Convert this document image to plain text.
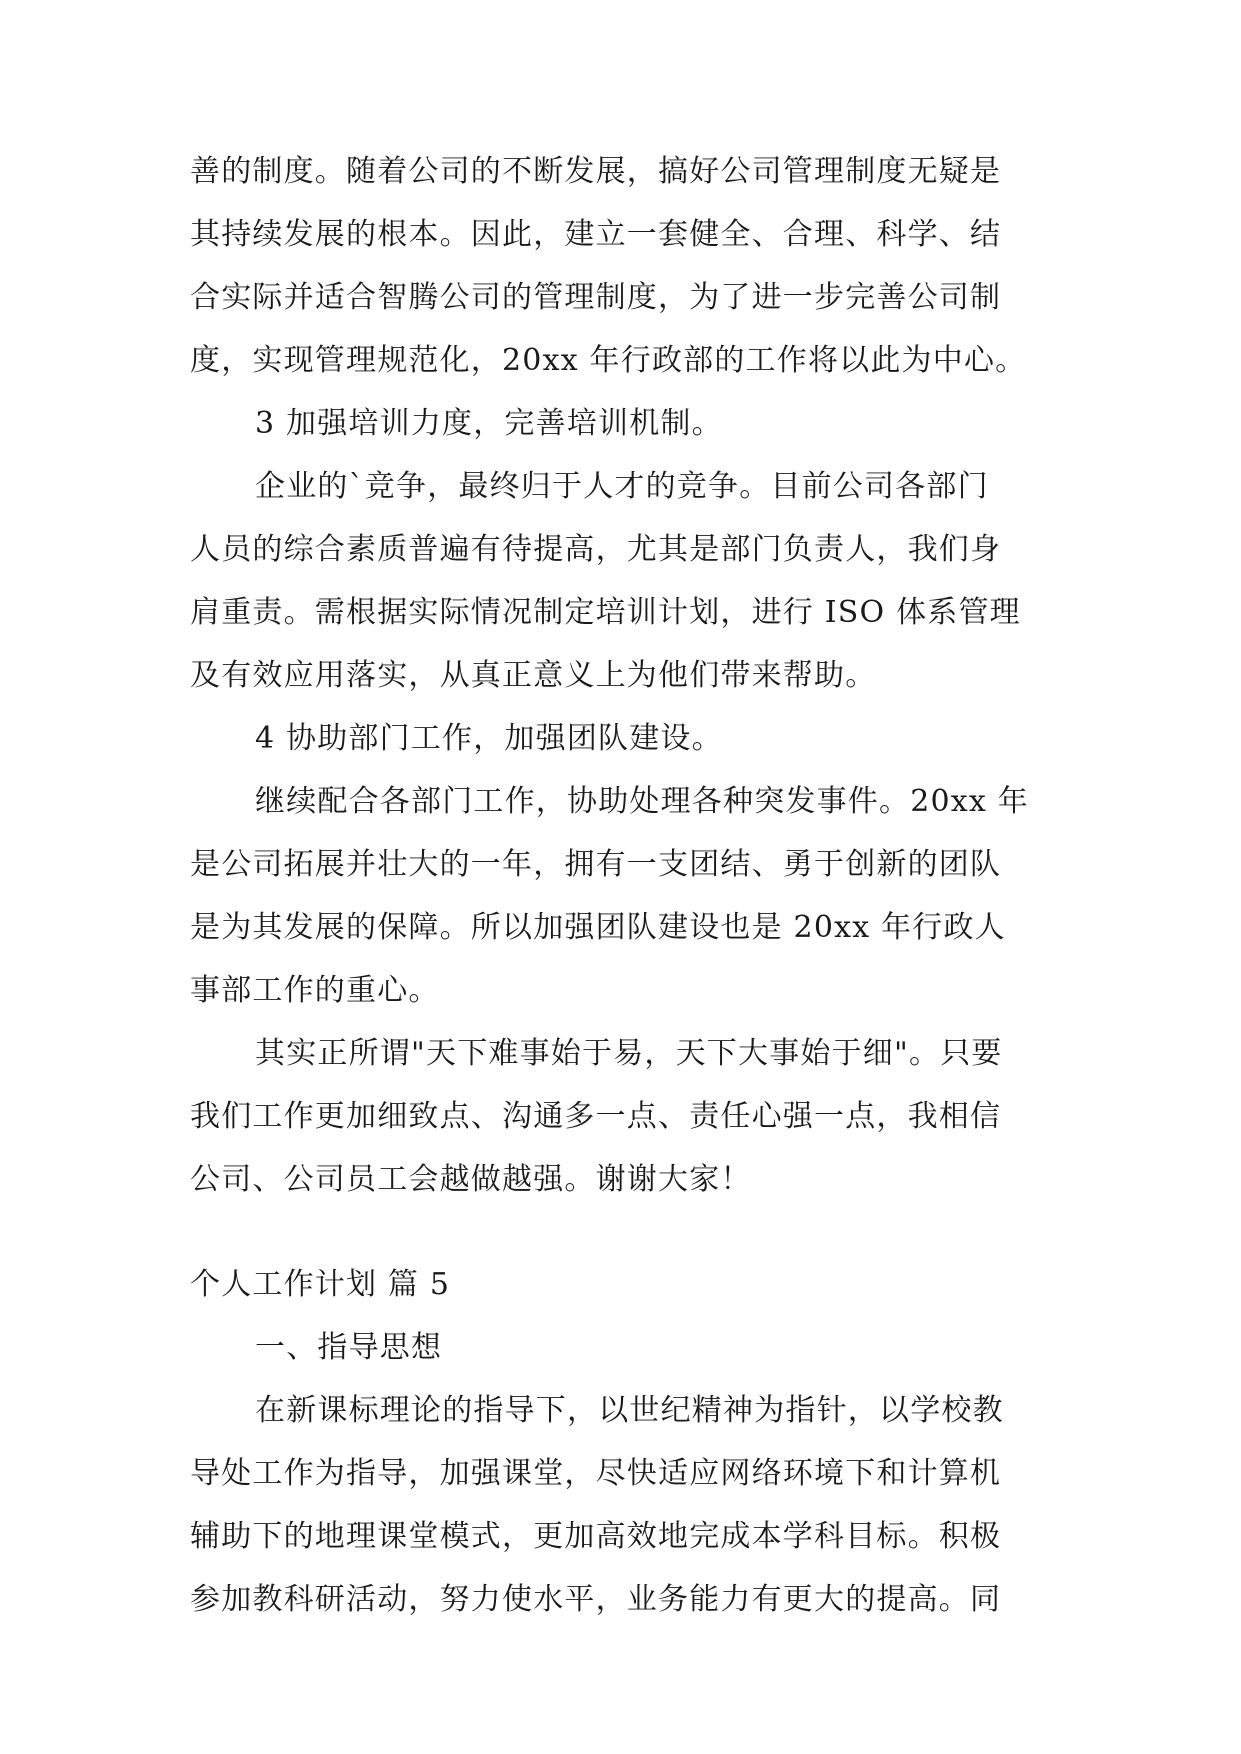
善的制度。随着公司的不断发展，搞好公司管理制度无疑是
其持续发展的根本。因此，建立一套健全、合理、科学、结
合实际并适合智腾公司的管理制度，为了进一步完善公司制
度，实现管理规范化，20xx 年行政部的工作将以此为中心。
3 加强培训力度，完善培训机制。
企业的`竞争，最终归于人才的竞争。目前公司各部门
人员的综合素质普遍有待提高，尤其是部门负责人，我们身
肩重责。需根据实际情况制定培训计划，进行 ISO 体系管理
及有效应用落实，从真正意义上为他们带来帮助。
4 协助部门工作，加强团队建设。
继续配合各部门工作，协助处理各种突发事件。20xx 年
是公司拓展并壮大的一年，拥有一支团结、勇于创新的团队
是为其发展的保障。所以加强团队建设也是 20xx 年行政人
事部工作的重心。
其实正所谓"天下难事始于易，天下大事始于细"。只要
我们工作更加细致点、沟通多一点、责任心强一点，我相信
公司、公司员工会越做越强。谢谢大家！
个人工作计划 篇 5
一、指导思想
在新课标理论的指导下，以世纪精神为指针，以学校教
导处工作为指导，加强课堂，尽快适应网络环境下和计算机
辅助下的地理课堂模式，更加高效地完成本学科目标。积极
参加教科研活动，努力使水平，业务能力有更大的提高。同
